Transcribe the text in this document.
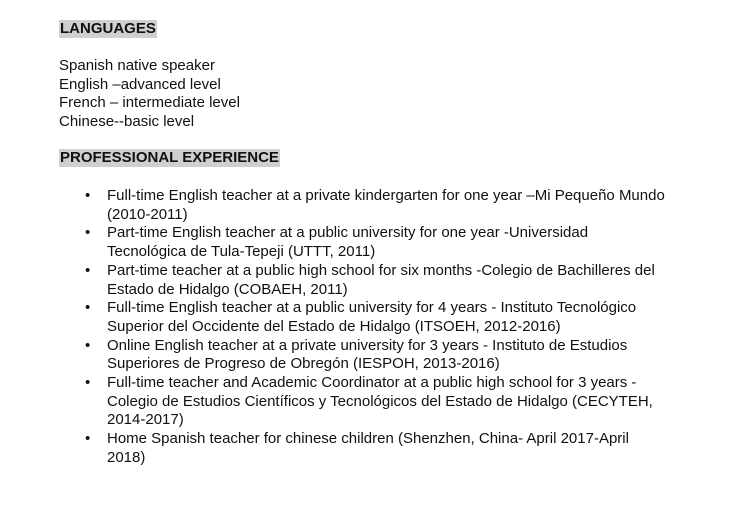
LANGUAGES
Spanish native speaker
English –advanced level
French – intermediate level
Chinese--basic level
PROFESSIONAL EXPERIENCE
• Full-time English teacher at a private kindergarten for one year –Mi Pequeño Mundo (2010-2011)
• Part-time English teacher at a public university for one year -Universidad Tecnológica de Tula-Tepeji (UTTT, 2011)
• Part-time teacher at a public high school for six months -Colegio de Bachilleres del Estado de Hidalgo (COBAEH, 2011)
• Full-time English teacher at a public university for 4 years - Instituto Tecnológico Superior del Occidente del Estado de Hidalgo (ITSOEH, 2012-2016)
• Online English teacher at a private university for 3 years - Instituto de Estudios Superiores de Progreso de Obregón (IESPOH, 2013-2016)
• Full-time teacher and Academic Coordinator at a public high school for 3 years - Colegio de Estudios Científicos y Tecnológicos del Estado de Hidalgo (CECYTEH, 2014-2017)
• Home Spanish teacher for chinese children (Shenzhen, China- April 2017-April 2018)
